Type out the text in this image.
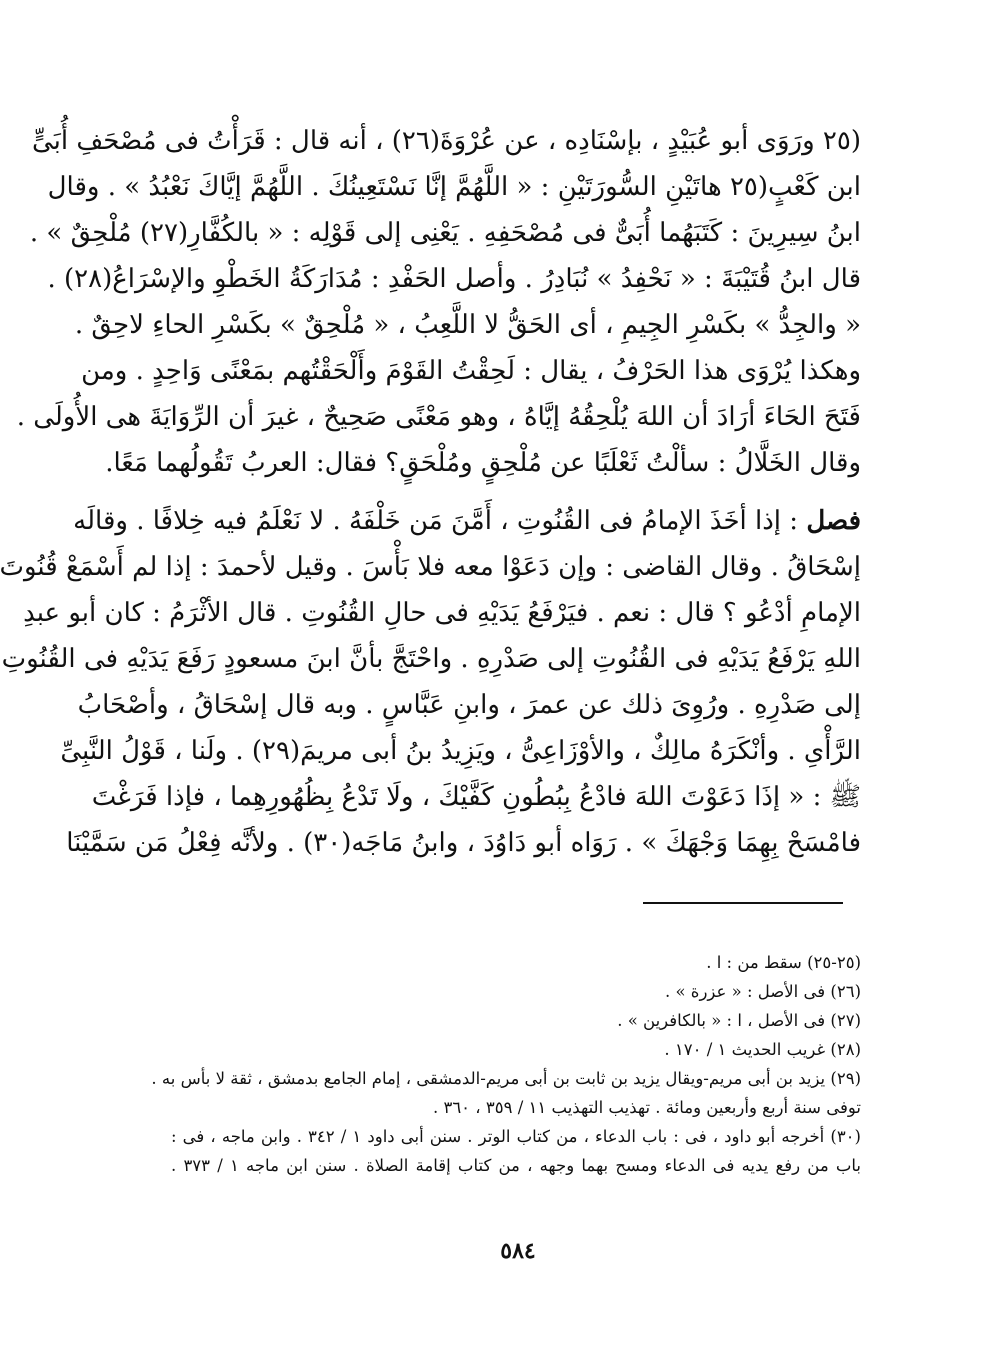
(٢٥ ورَوَى أبو عُبَيْدٍ ، بإسْنَادِه ، عن عُرْوَةَ(٢٦) ، أنه قال : قَرَأْتُ فى مُصْحَفِ أُبَىٍّ
ابن كَعْبٍ(٢٥ هاتَيْنِ السُّورَتَيْنِ : « اللَّهُمَّ إنَّا نَسْتَعِينُكَ . اللَّهُمَّ إيَّاكَ نَعْبُدُ » . وقال
ابنُ سِيرِينَ : كَتَبَهُما أُبَىٌّ فى مُصْحَفِهِ . يَعْنِى إلى قَوْلِه : « بالكُفَّارِ(٢٧) مُلْحِقٌ » .
قال ابنُ قُتَيْبَةَ : « نَحْفِدُ » نُبَادِرُ . وأصل الحَفْدِ : مُدَارَكَةُ الخَطْوِ والإسْرَاعُ(٢٨) .
« والجِدُّ » بكَسْرِ الجِيمِ ، أى الحَقُّ لا اللَّعِبُ ، « مُلْحِقٌ » بكَسْرِ الحاءِ لاحِقٌ .
وهكذا يُرْوَى هذا الحَرْفُ ، يقال : لَحِقْتُ القَوْمَ وأَلْحَقْتُهم بمَعْنًى وَاحِدٍ . ومن
فَتَحَ الحَاءَ أرَادَ أن اللهَ يُلْحِقُهُ إيَّاهُ ، وهو مَعْنًى صَحِيحٌ ، غيرَ أن الرِّوَايَةَ هى الأُولَى .
وقال الخَلَّالُ : سألْتُ ثَعْلَبًا عن مُلْحِقٍ ومُلْحَقٍ؟ فقال: العربُ تَقُولُهما مَعًا.
فصل : إذا أخَذَ الإمامُ فى القُنُوتِ ، أَمَّنَ مَن خَلْفَهُ . لا نَعْلَمُ فيه خِلافًا . وقالَه
إسْحَاقُ . وقال القاضى : وإن دَعَوْا معه فلا بَأْسَ . وقيل لأحمدَ : إذا لم أَسْمَعْ قُنُوتَ
الإمامِ أدْعُو ؟ قال : نعم . فيَرْفَعُ يَدَيْهِ فى حالِ القُنُوتِ . قال الأثْرَمُ : كان أبو عبدِ
اللهِ يَرْفَعُ يَدَيْهِ فى القُنُوتِ إلى صَدْرِهِ . واحْتَجَّ بأنَّ ابنَ مسعودٍ رَفَعَ يَدَيْهِ فى القُنُوتِ
إلى صَدْرِهِ . ورُوِىَ ذلك عن عمرَ ، وابنِ عَبَّاسٍ . وبه قال إسْحَاقُ ، وأصْحَابُ
الرَّأْىِ . وأنْكَرَهُ مالِكٌ ، والأوْزَاعِىُّ ، ويَزِيدُ بنُ أبى مريمَ(٢٩) . ولَنا ، قَوْلُ النَّبِىِّ
ﷺ : « إذَا دَعَوْتَ اللهَ فادْعُ بِبُطُونِ كَفَّيْكَ ، ولَا تَدْعُ بِظُهُورِهِما ، فإذا فَرَغْتَ
فامْسَحْ بِهِمَا وَجْهَكَ » . رَوَاه أبو دَاوُدَ ، وابنُ مَاجَه(٣٠) . ولأنَّه فِعْلُ مَن سَمَّيْنَا
(٢٥-٢٥) سقط من : ا .
(٢٦) فى الأصل : « عزرة » .
(٢٧) فى الأصل ، ا : « بالكافرين » .
(٢٨) غريب الحديث ١ / ١٧٠ .
(٢٩) يزيد بن أبى مريم-ويقال يزيد بن ثابت بن أبى مريم-الدمشقى ، إمام الجامع بدمشق ، ثقة لا بأس به .
توفى سنة أربع وأربعين ومائة . تهذيب التهذيب ١١ / ٣٥٩ ، ٣٦٠ .
(٣٠) أخرجه أبو داود ، فى : باب الدعاء ، من كتاب الوتر . سنن أبى داود ١ / ٣٤٢ . وابن ماجه ، فى :
باب من رفع يديه فى الدعاء ومسح بهما وجهه ، من كتاب إقامة الصلاة . سنن ابن ماجه ١ / ٣٧٣ .
٥٨٤
